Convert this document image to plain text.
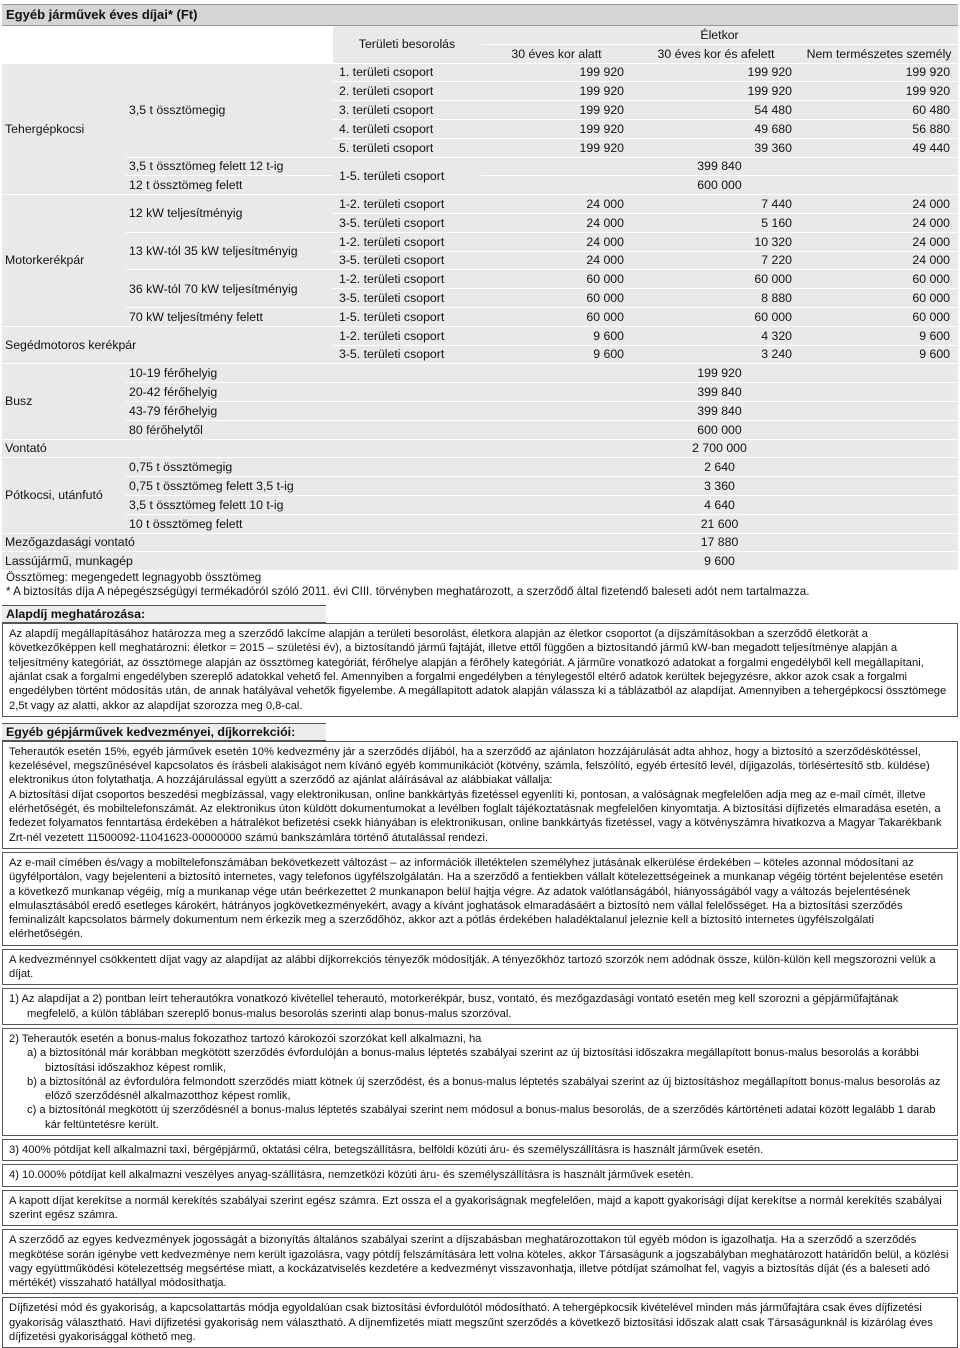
Egyéb járművek éves díjai* (Ft)
		Területi besorolás	Életkor		
			30 éves kor alatt	30 éves kor és afelett	Nem természetes személy
Tehergépkocsi	3,5 t össztömegig	1. területi csoport	199 920	199 920	199 920
		2. területi csoport	199 920	199 920	199 920
		3. területi csoport	199 920	54 480	60 480
		4. területi csoport	199 920	49 680	56 880
		5. területi csoport	199 920	39 360	49 440
	3,5 t össztömeg felett 12 t-ig	1-5. területi csoport	399 840		
	12 t össztömeg felett		600 000		
Motorkerékpár	12 kW teljesítményig	1-2. területi csoport	24 000	7 440	24 000
		3-5. területi csoport	24 000	5 160	24 000
	13 kW-tól 35 kW teljesítményig	1-2. területi csoport	24 000	10 320	24 000
		3-5. területi csoport	24 000	7 220	24 000
	36 kW-tól 70 kW teljesítményig	1-2. területi csoport	60 000	60 000	60 000
		3-5. területi csoport	60 000	8 880	60 000
	70 kW teljesítmény felett	1-5. területi csoport	60 000	60 000	60 000
Segédmotoros kerékpár		1-2. területi csoport	9 600	4 320	9 600
		3-5. területi csoport	9 600	3 240	9 600
Busz	10-19 férőhelyig		199 920		
	20-42 férőhelyig		399 840		
	43-79 férőhelyig		399 840		
	80 férőhelytől		600 000		
Vontató			2 700 000		
Pótkocsi, utánfutó	0,75 t össztömegig		2 640		
	0,75 t össztömeg felett 3,5 t-ig		3 360		
	3,5 t össztömeg felett 10 t-ig		4 640		
	10 t össztömeg felett		21 600		
Mezőgazdasági vontató			17 880		
Lassújármű, munkagép			9 600		
Össztömeg: megengedett legnagyobb össztömeg
* A biztosítás díja A népegészségügyi termékadóról szóló 2011. évi CIII. törvényben meghatározott, a szerződő által fizetendő baleseti adót nem tartalmazza.
Alapdíj meghatározása:

Az alapdíj megállapításához határozza meg a szerződő lakcíme alapján a területi besorolást, életkora alapján az életkor csoportot (a díjszámításokban a szerződő életkorát a következőképpen kell meghatározni: életkor = 2015 – születési év), a biztosítandó jármű fajtáját, illetve ettől függően a biztosítandó jármű kW-ban megadott teljesítménye alapján a teljesítmény kategóriát, az össztömege alapján az össztömeg kategóriát, férőhelye alapján a férőhely kategóriát. A járműre vonatkozó adatokat a forgalmi engedélyből kell megállapítani, ajánlat csak a forgalmi engedélyben szereplő adatokkal vehető fel. Amennyiben a forgalmi engedélyben a ténylegestől eltérő adatok kerültek bejegyzésre, akkor azok csak a forgalmi engedélyben történt módosítás után, de annak hatályával vehetők figyelembe. A megállapított adatok alapján válassza ki a táblázatból az alapdíjat. Amennyiben a tehergépkocsi össztömege 2,5t vagy az alatti, akkor az alapdíjat szorozza meg 0,8-cal.

Egyéb gépjárművek kedvezményei, díjkorrekciói:

Teherautók esetén 15%, egyéb járművek esetén 10% kedvezmény jár a szerződés díjából, ha a szerződő az ajánlaton hozzájárulását adta ahhoz, hogy a biztosító a szerződéskötéssel, kezelésével, megszűnésével kapcsolatos és írásbeli alakiságot nem kívánó egyéb kommunikációt (kötvény, számla, felszólító, egyéb értesítő levél, díjigazolás, törlésértesítő stb. küldése) elektronikus úton folytathatja. A hozzájárulással együtt a szerződő az ajánlat aláírásával az alábbiakat vállalja:

A biztosítási díjat csoportos beszedési megbízással, vagy elektronikusan, online bankkártyás fizetéssel egyenlíti ki, pontosan, a valóságnak megfelelően adja meg az e-mail címét, illetve elérhetőségét, és mobiltelefonszámát. Az elektronikus úton küldött dokumentumokat a levélben foglalt tájékoztatásnak megfelelően kinyomtatja. A biztosítási díjfizetés elmaradása esetén, a fedezet folyamatos fenntartása érdekében a hátralékot befizetési csekk hiányában is elektronikusan, online bankkártyás fizetéssel, vagy a kötvényszámra hivatkozva a Magyar Takarékbank Zrt-nél vezetett 11500092-11041623-00000000 számú bankszámlára történő átutalással rendezi.

Az e-mail címében és/vagy a mobiltelefonszámában bekövetkezett változást – az információk illetéktelen személyhez jutásának elkerülése érdekében – köteles azonnal módosítani az ügyfélportálon, vagy bejelenteni a biztosító internetes, vagy telefonos ügyfélszolgálatán. Ha a szerződő a fentiekben vállalt kötelezettségeinek a munkanap végéig történt bejelentése esetén a következő munkanap végéig, míg a munkanap vége után beérkezettet 2 munkanapon belül hajtja végre. Az adatok valótlanságából, hiányosságából vagy a változás bejelentésének elmulasztásából eredő esetleges károkért, hátrányos jogkövetkezményekért, avagy a kívánt joghatások elmaradásáért a biztosító nem vállal felelősséget. Ha a biztosítási szerződés feminalizált kapcsolatos bármely dokumentum nem érkezik meg a szerződőhöz, akkor azt a pótlás érdekében haladéktalanul jeleznie kell a biztosító internetes ügyfélszolgálati elérhetőségén.

A kedvezménnyel csökkentett díjat vagy az alapdíjat az alábbi díjkorrekciós tényezők módosítják. A tényezőkhöz tartozó szorzók nem adódnak össze, külön-külön kell megszorozni velük a díjat.

1) Az alapdíjat a 2) pontban leírt teherautókra vonatkozó kivétellel teherautó, motorkerékpár, busz, vontató, és mezőgazdasági vontató esetén meg kell szorozni a gépjárműfajtának megfelelő, a külön táblában szereplő bonus-malus besorolás szerinti alap bonus-malus szorzóval.

2) Teherautók esetén a bonus-malus fokozathoz tartozó károkozói szorzókat kell alkalmazni, ha

a) a biztosítónál már korábban megkötött szerződés évfordulóján a bonus-malus léptetés szabályai szerint az új biztosítási időszakra megállapított bonus-malus besorolás a korábbi biztosítási időszakhoz képest romlik,

b) a biztosítónál az évfordulóra felmondott szerződés miatt kötnek új szerződést, és a bonus-malus léptetés szabályai szerint az új biztosításhoz megállapított bonus-malus besorolás az előző szerződésnél alkalmazotthoz képest romlik,

c) a biztosítónál megkötött új szerződésnél a bonus-malus léptetés szabályai szerint nem módosul a bonus-malus besorolás, de a szerződés kártörténeti adatai között legalább 1 darab kár feltüntetésre került.

3) 400% pótdíjat kell alkalmazni taxi, bérgépjármű, oktatási célra, betegszállításra, belföldi közúti áru- és személyszállításra is használt járművek esetén.

4) 10.000% pótdíjat kell alkalmazni veszélyes anyag-szállításra, nemzetközi közúti áru- és személyszállításra is használt járművek esetén.

A kapott díjat kerekítse a normál kerekítés szabályai szerint egész számra. Ezt ossza el a gyakoriságnak megfelelően, majd a kapott gyakorisági díjat kerekítse a normál kerekítés szabályai szerint egész számra.

A szerződő az egyes kedvezmények jogosságát a bizonyítás általános szabályai szerint a díjszabásban meghatározottakon túl egyéb módon is igazolhatja. Ha a szerződő a szerződés megkötése során igénybe vett kedvezménye nem került igazolásra, vagy pótdíj felszámítására lett volna köteles, akkor Társaságunk a jogszabályban meghatározott határidőn belül, a közlési vagy együttműködési kötelezettség megsértése miatt, a kockázatviselés kezdetére a kedvezményt visszavonhatja, illetve pótdíjat számolhat fel, vagyis a biztosítás díját (és a baleseti adó mértékét) visszaható hatállyal módosíthatja.

Díjfizetési mód és gyakoriság, a kapcsolattartás módja egyoldalúan csak biztosítási évfordulótól módosítható. A tehergépkocsik kivételével minden más járműfajtára csak éves díjfizetési gyakoriság választható. Havi díjfizetési gyakoriság nem választható. A díjnemfizetés miatt megszűnt szerződés a következő biztosítási időszak alatt csak Társaságunknál is kizárólag éves díjfizetési gyakorisággal köthető meg.
